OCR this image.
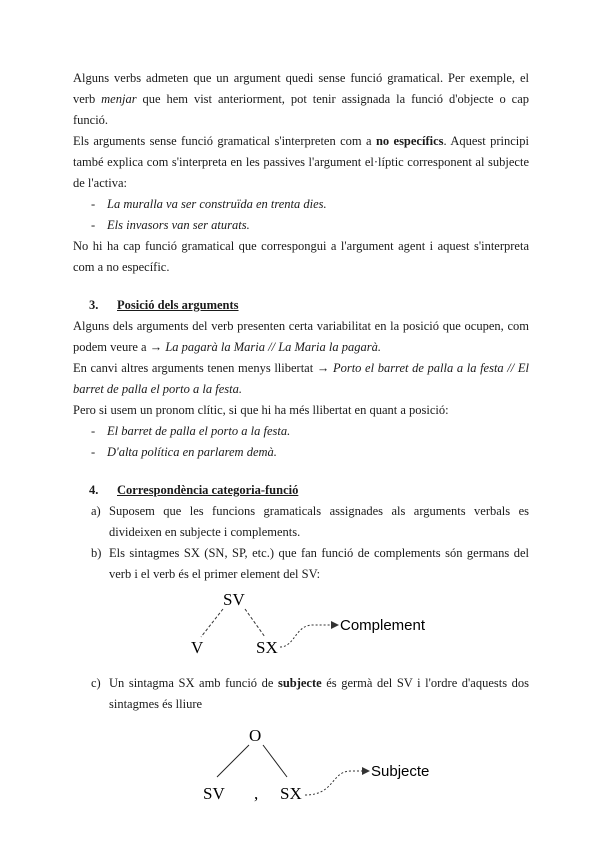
Alguns verbs admeten que un argument quedi sense funció gramatical. Per exemple, el verb menjar que hem vist anteriorment, pot tenir assignada la funció d'objecte o cap funció.

Els arguments sense funció gramatical s'interpreten com a no específics. Aquest principi també explica com s'interpreta en les passives l'argument el·líptic corresponent al subjecte de l'activa:

- La muralla va ser construïda en trenta dies.
- Els invasors van ser aturats.

No hi ha cap funció gramatical que correspongui a l'argument agent i aquest s'interpreta com a no específic.

3.	Posició dels arguments

Alguns dels arguments del verb presenten certa variabilitat en la posició que ocupen, com podem veure a → La pagarà la Maria // La Maria la pagarà.

En canvi altres arguments tenen menys llibertat → Porto el barret de palla a la festa // El barret de palla el porto a la festa.

Pero si usem un pronom clític, si que hi ha més llibertat en quant a posició:

- El barret de palla el porto a la festa.
- D'alta política en parlarem demà.
4.	Correspondència categoria-funció
a) Suposem que les funcions gramaticals assignades als arguments verbals es divideixen en subjecte i complements.
b) Els sintagmes SX (SN, SP, etc.) que fan funció de complements són germans del verb i el verb és el primer element del SV:
SV
V	SX
Complement
c) Un sintagma SX amb funció de subjecte és germà del SV i l'ordre d'aquests dos sintagmes és lliure
O
SV , SX
Subjecte
